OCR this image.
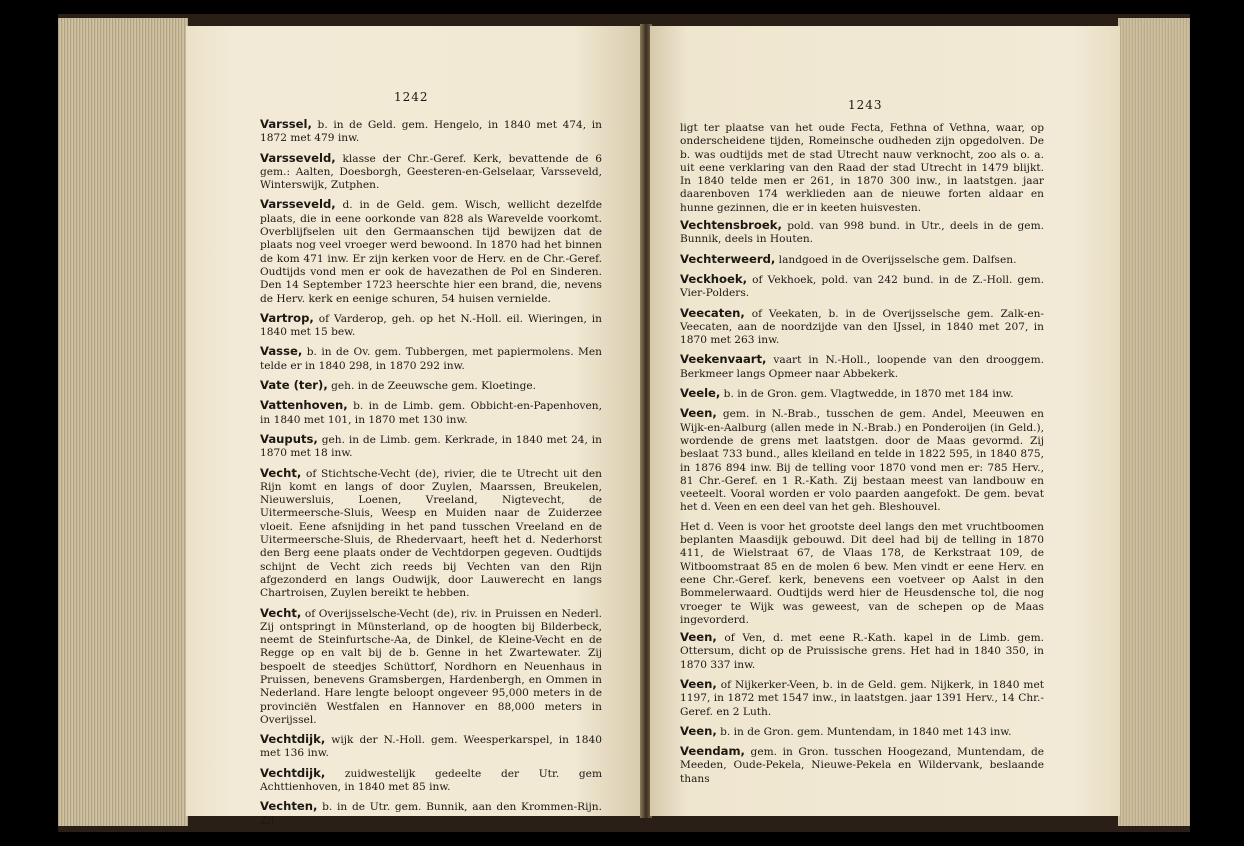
1242

Varssel, b. in de Geld. gem. Hengelo, in 1840 met 474, in 1872 met 479 inw.

Varsseveld, klasse der Chr.-Geref. Kerk, bevattende de 6 gem.: Aalten, Doesborgh, Geesteren-en-Gelselaar, Varsseveld, Winterswijk, Zutphen.

Varsseveld, d. in de Geld. gem. Wisch, wellicht dezelfde plaats, die in eene oorkonde van 828 als Warevelde voorkomt. Overblijfselen uit den Germaanschen tijd bewijzen dat de plaats nog veel vroeger werd bewoond. In 1870 had het binnen de kom 471 inw. Er zijn kerken voor de Herv. en de Chr.-Geref. Oudtijds vond men er ook de havezathen de Pol en Sinderen. Den 14 September 1723 heerschte hier een brand, die, nevens de Herv. kerk en eenige schuren, 54 huisen vernielde.

Vartrop, of Varderop, geh. op het N.-Holl. eil. Wieringen, in 1840 met 15 bew.

Vasse, b. in de Ov. gem. Tubbergen, met papiermolens. Men telde er in 1840 298, in 1870 292 inw.

Vate (ter), geh. in de Zeeuwsche gem. Kloetinge.

Vattenhoven, b. in de Limb. gem. Obbicht-en-Papenhoven, in 1840 met 101, in 1870 met 130 inw.

Vauputs, geh. in de Limb. gem. Kerkrade, in 1840 met 24, in 1870 met 18 inw.

Vecht, of Stichtsche-Vecht (de), rivier, die te Utrecht uit den Rijn komt en langs of door Zuylen, Maarssen, Breukelen, Nieuwersluis, Loenen, Vreeland, Nigtevecht, de Uitermeersche-Sluis, Weesp en Muiden naar de Zuiderzee vloeit. Eene afsnijding in het pand tusschen Vreeland en de Uitermeersche-Sluis, de Rhedervaart, heeft het d. Nederhorst den Berg eene plaats onder de Vechtdorpen gegeven. Oudtijds schijnt de Vecht zich reeds bij Vechten van den Rijn afgezonderd en langs Oudwijk, door Lauwerecht en langs Chartroisen, Zuylen bereikt te hebben.

Vecht, of Overijsselsche-Vecht (de), riv. in Pruissen en Nederl. Zij ontspringt in Münsterland, op de hoogten bij Bilderbeck, neemt de Steinfurtsche-Aa, de Dinkel, de Kleine-Vecht en de Regge op en valt bij de b. Genne in het Zwartewater. Zij bespoelt de steedjes Schüttorf, Nordhorn en Neuenhaus in Pruissen, benevens Gramsbergen, Hardenbergh, en Ommen in Nederland. Hare lengte beloopt ongeveer 95,000 meters in de provinciën Westfalen en Hannover en 88,000 meters in Overijssel.

Vechtdijk, wijk der N.-Holl. gem. Weesperkarspel, in 1840 met 136 inw.

Vechtdijk, zuidwestelijk gedeelte der Utr. gem Achttienhoven, in 1840 met 85 inw.

Vechten, b. in de Utr. gem. Bunnik, aan den Krommen-Rijn. Zij

1243

ligt ter plaatse van het oude Fecta, Fethna of Vethna, waar, op onderscheidene tijden, Romeinsche oudheden zijn opgedolven. De b. was oudtijds met de stad Utrecht nauw verknocht, zoo als o. a. uit eene verklaring van den Raad der stad Utrecht in 1479 blijkt. In 1840 telde men er 261, in 1870 300 inw., in laatstgen. jaar daarenboven 174 werklieden aan de nieuwe forten aldaar en hunne gezinnen, die er in keeten huisvesten.

Vechtensbroek, pold. van 998 bund. in Utr., deels in de gem. Bunnik, deels in Houten.

Vechterweerd, landgoed in de Overijsselsche gem. Dalfsen.

Veckhoek, of Vekhoek, pold. van 242 bund. in de Z.-Holl. gem. Vier-Polders.

Veecaten, of Veekaten, b. in de Overijsselsche gem. Zalk-en-Veecaten, aan de noordzijde van den IJssel, in 1840 met 207, in 1870 met 263 inw.

Veekenvaart, vaart in N.-Holl., loopende van den drooggem. Berkmeer langs Opmeer naar Abbekerk.

Veele, b. in de Gron. gem. Vlagtwedde, in 1870 met 184 inw.

Veen, gem. in N.-Brab., tusschen de gem. Andel, Meeuwen en Wijk-en-Aalburg (allen mede in N.-Brab.) en Ponderoijen (in Geld.), wordende de grens met laatstgen. door de Maas gevormd. Zij beslaat 733 bund., alles kleiland en telde in 1822 595, in 1840 875, in 1876 894 inw. Bij de telling voor 1870 vond men er: 785 Herv., 81 Chr.-Geref. en 1 R.-Kath. Zij bestaan meest van landbouw en veeteelt. Vooral worden er volo paarden aangefokt. De gem. bevat het d. Veen en een deel van het geh. Bleshouvel.

Het d. Veen is voor het grootste deel langs den met vruchtboomen beplanten Maasdijk gebouwd. Dit deel had bij de telling in 1870 411, de Wielstraat 67, de Vlaas 178, de Kerkstraat 109, de Witboomstraat 85 en de molen 6 bew. Men vindt er eene Herv. en eene Chr.-Geref. kerk, benevens een voetveer op Aalst in den Bommelerwaard. Oudtijds werd hier de Heusdensche tol, die nog vroeger te Wijk was geweest, van de schepen op de Maas ingevorderd.

Veen, of Ven, d. met eene R.-Kath. kapel in de Limb. gem. Ottersum, dicht op de Pruissische grens. Het had in 1840 350, in 1870 337 inw.

Veen, of Nijkerker-Veen, b. in de Geld. gem. Nijkerk, in 1840 met 1197, in 1872 met 1547 inw., in laatstgen. jaar 1391 Herv., 14 Chr.-Geref. en 2 Luth.

Veen, b. in de Gron. gem. Muntendam, in 1840 met 143 inw.

Veendam, gem. in Gron. tusschen Hoogezand, Muntendam, de Meeden, Oude-Pekela, Nieuwe-Pekela en Wildervank, beslaande thans
